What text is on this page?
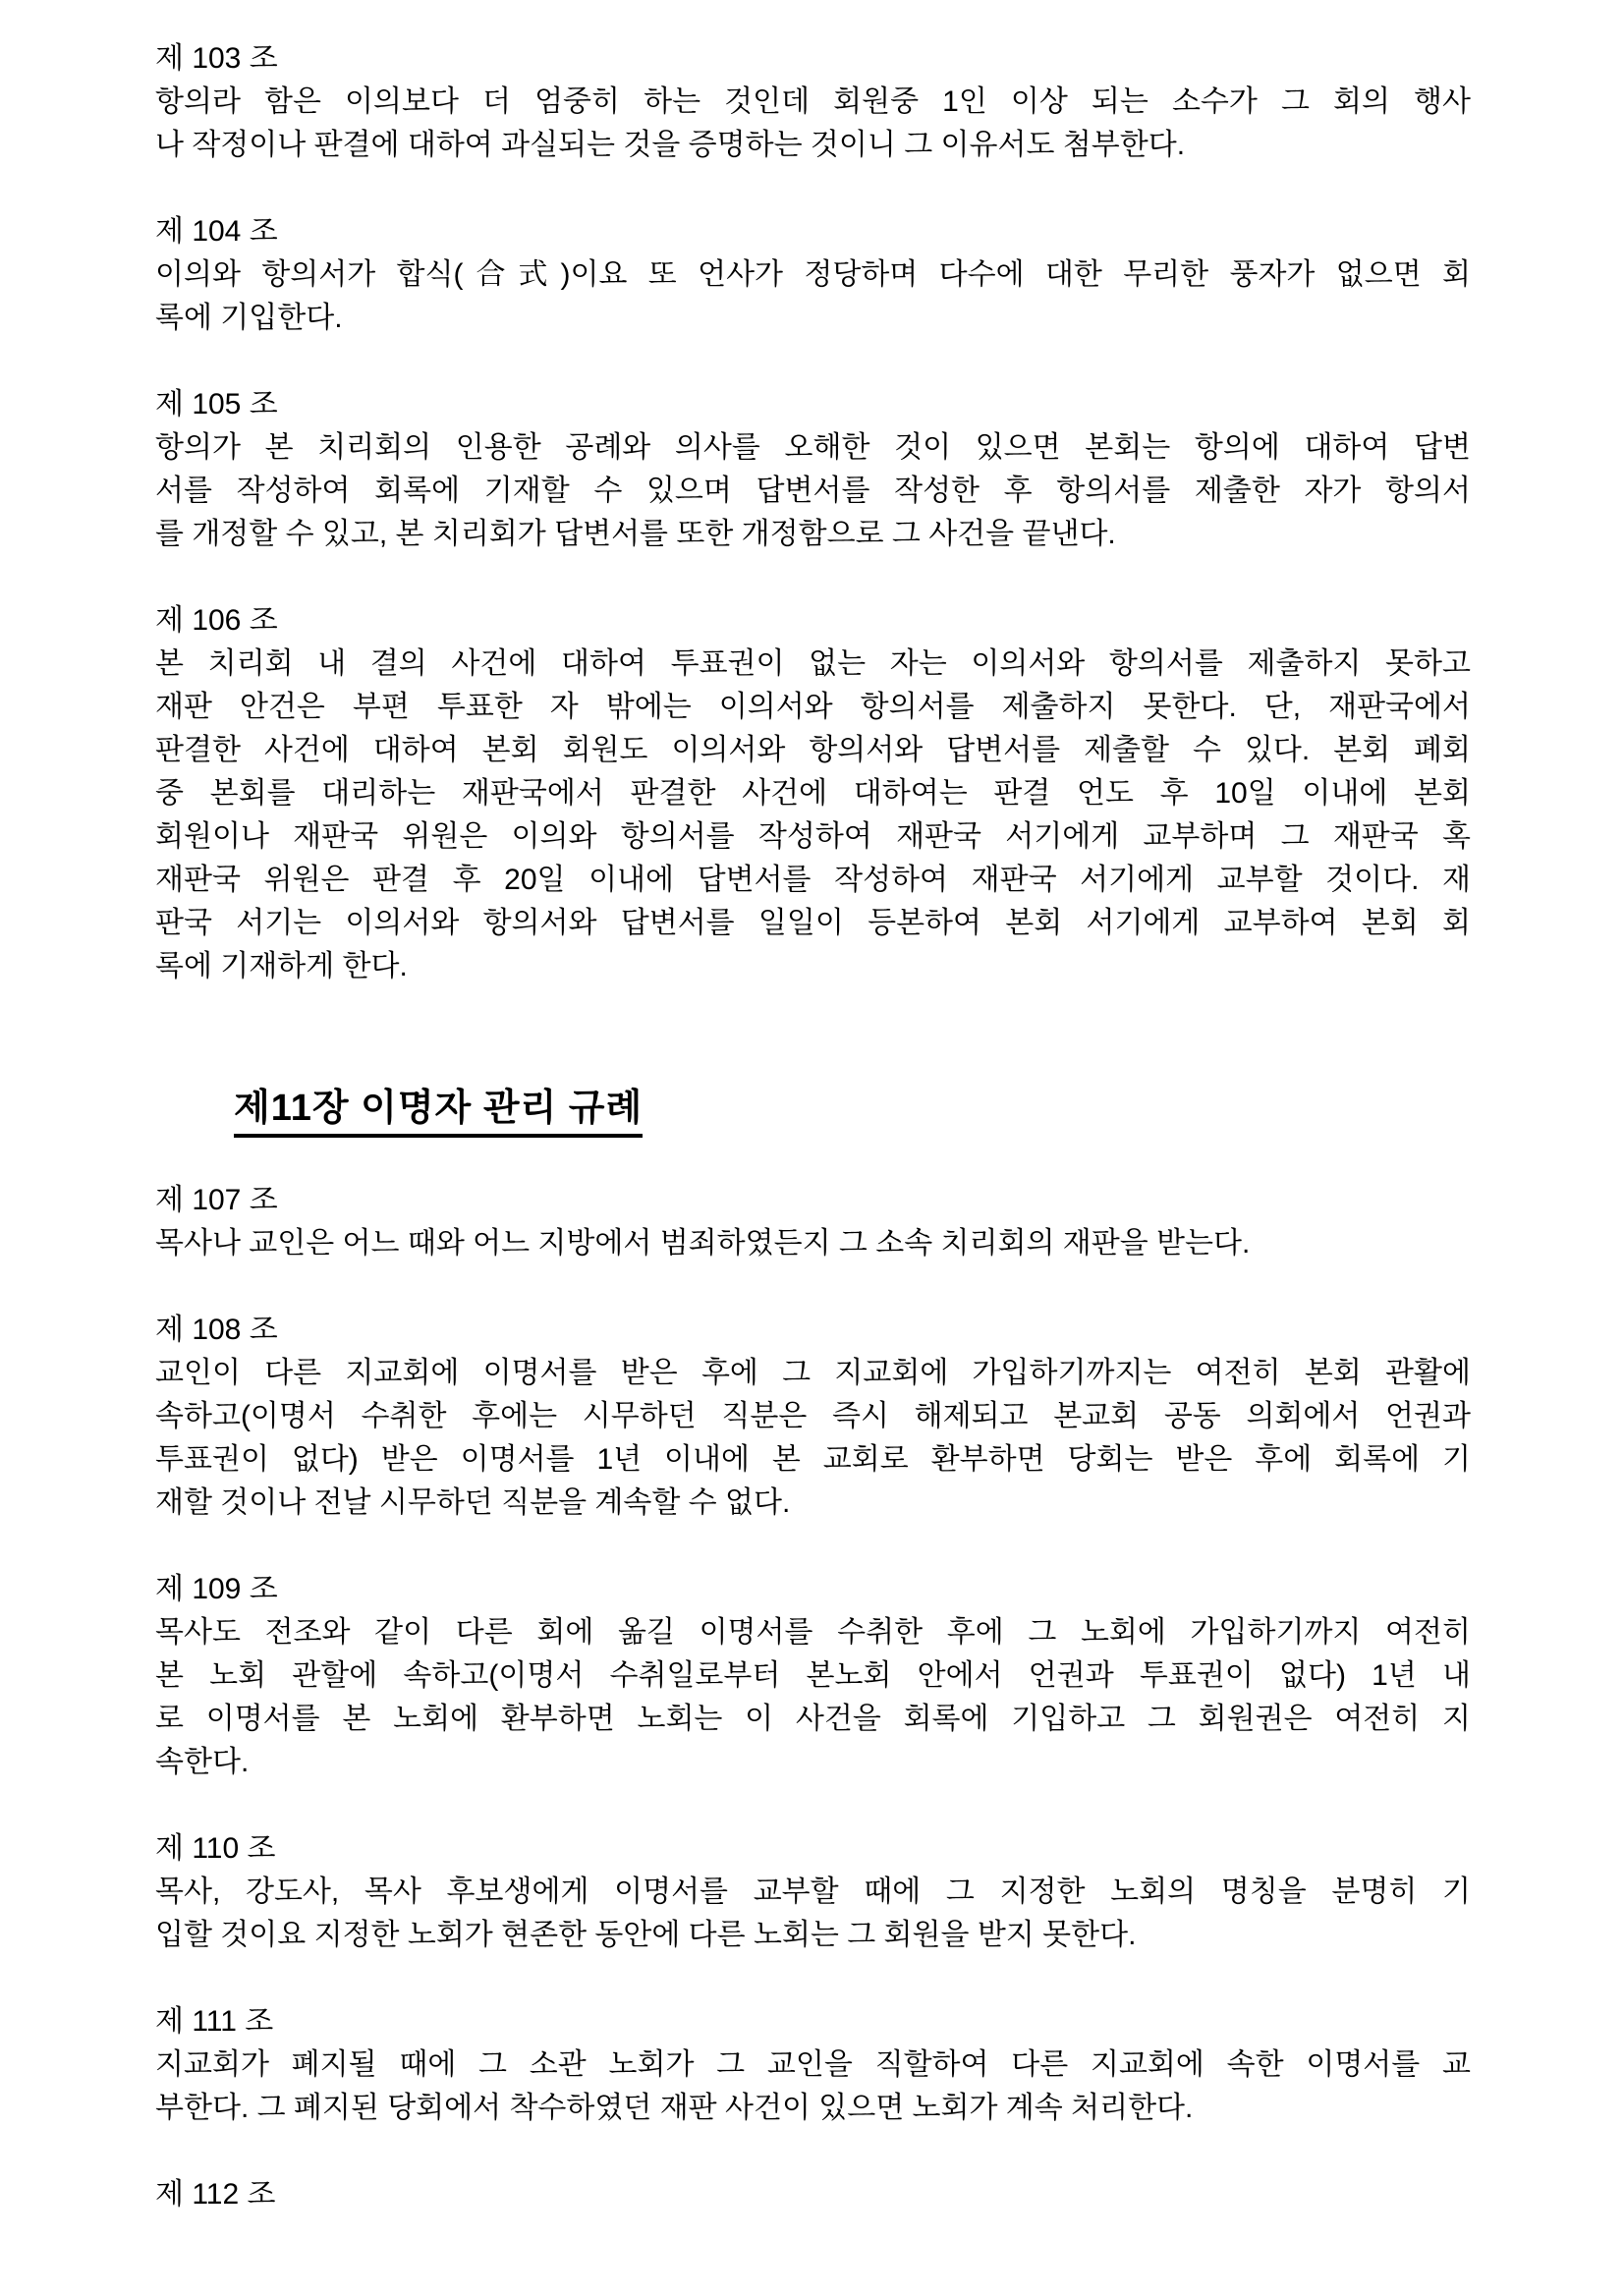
제 103 조
항의라 함은 이의보다 더 엄중히 하는 것인데 회원중 1인 이상 되는 소수가 그 회의 행사
나 작정이나 판결에 대하여 과실되는 것을 증명하는 것이니 그 이유서도 첨부한다.
제 104 조
이의와 항의서가 합식(合式)이요 또 언사가 정당하며 다수에 대한 무리한 풍자가 없으면 회
록에 기입한다.
제 105 조
항의가 본 치리회의 인용한 공례와 의사를 오해한 것이 있으면 본회는 항의에 대하여 답변
서를 작성하여 회록에 기재할 수 있으며 답변서를 작성한 후 항의서를 제출한 자가 항의서
를 개정할 수 있고, 본 치리회가 답변서를 또한 개정함으로 그 사건을 끝낸다.
제 106 조
본 치리회 내 결의 사건에 대하여 투표권이 없는 자는 이의서와 항의서를 제출하지 못하고
재판 안건은 부편 투표한 자 밖에는 이의서와 항의서를 제출하지 못한다. 단, 재판국에서
판결한 사건에 대하여 본회 회원도 이의서와 항의서와 답변서를 제출할 수 있다. 본회 폐회
중 본회를 대리하는 재판국에서 판결한 사건에 대하여는 판결 언도 후 10일 이내에 본회
회원이나 재판국 위원은 이의와 항의서를 작성하여 재판국 서기에게 교부하며 그 재판국 혹
재판국 위원은 판결 후 20일 이내에 답변서를 작성하여 재판국 서기에게 교부할 것이다. 재
판국 서기는 이의서와 항의서와 답변서를 일일이 등본하여 본회 서기에게 교부하여 본회 회
록에 기재하게 한다.
제11장 이명자 관리 규례
제 107 조
목사나 교인은 어느 때와 어느 지방에서 범죄하였든지 그 소속 치리회의 재판을 받는다.
제 108 조
교인이 다른 지교회에 이명서를 받은 후에 그 지교회에 가입하기까지는 여전히 본회 관활에
속하고(이명서 수취한 후에는 시무하던 직분은 즉시 해제되고 본교회 공동 의회에서 언권과
투표권이 없다) 받은 이명서를 1년 이내에 본 교회로 환부하면 당회는 받은 후에 회록에 기
재할 것이나 전날 시무하던 직분을 계속할 수 없다.
제 109 조
목사도 전조와 같이 다른 회에 옮길 이명서를 수취한 후에 그 노회에 가입하기까지 여전히
본 노회 관할에 속하고(이명서 수취일로부터 본노회 안에서 언권과 투표권이 없다) 1년 내
로 이명서를 본 노회에 환부하면 노회는 이 사건을 회록에 기입하고 그 회원권은 여전히 지
속한다.
제 110 조
목사, 강도사, 목사 후보생에게 이명서를 교부할 때에 그 지정한 노회의 명칭을 분명히 기
입할 것이요 지정한 노회가 현존한 동안에 다른 노회는 그 회원을 받지 못한다.
제 111 조
지교회가 폐지될 때에 그 소관 노회가 그 교인을 직할하여 다른 지교회에 속한 이명서를 교
부한다. 그 폐지된 당회에서 착수하였던 재판 사건이 있으면 노회가 계속 처리한다.
제 112 조
